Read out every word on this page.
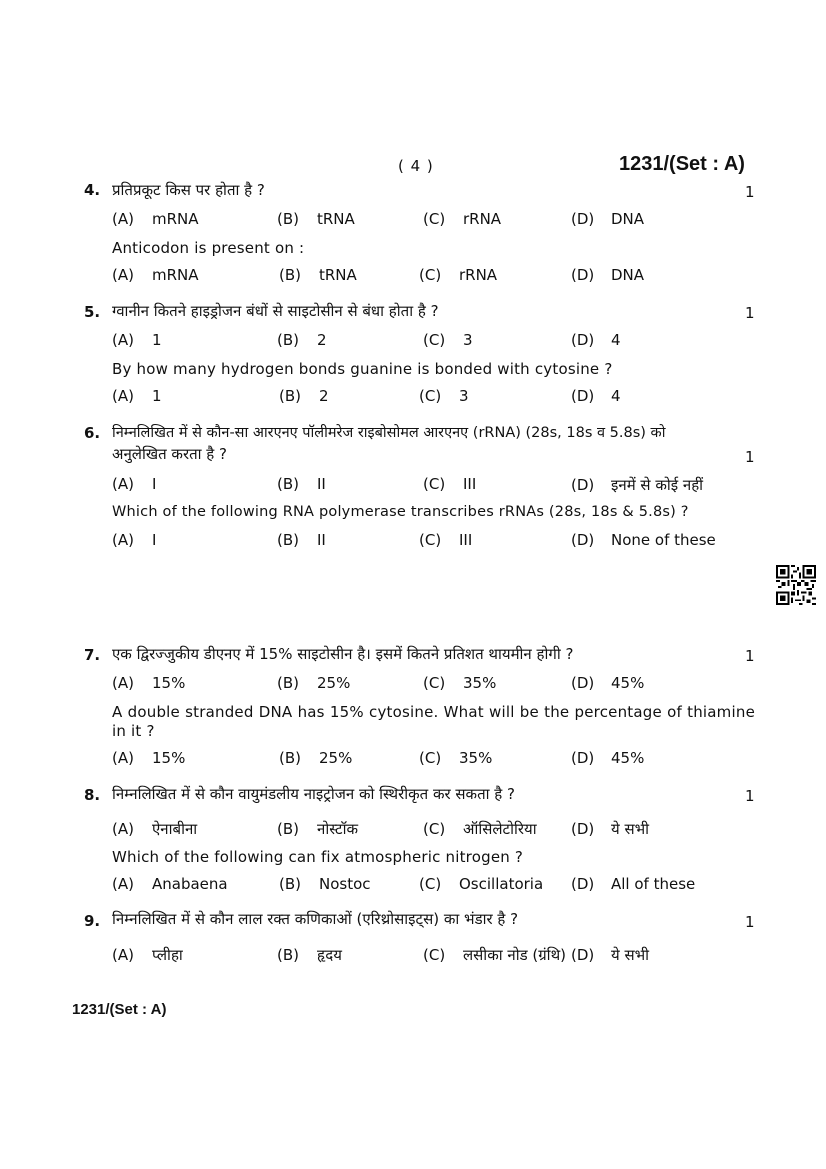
( 4 )	1231/(Set : A)
4. प्रतिप्रकूट किस पर होता है ?	1
(A) mRNA	(B) tRNA	(C) rRNA	(D) DNA
Anticodon is present on :
(A) mRNA	(B) tRNA	(C) rRNA	(D) DNA
5. ग्वानीन कितने हाइड्रोजन बंधों से साइटोसीन से बंधा होता है ?	1
(A) 1	(B) 2	(C) 3	(D) 4
By how many hydrogen bonds guanine is bonded with cytosine ?
(A) 1	(B) 2	(C) 3	(D) 4
6. निम्नलिखित में से कौन-सा आरएनए पॉलीमरेज राइबोसोमल आरएनए (rRNA) (28s, 18s व 5.8s) को
अनुलेखित करता है ?	1
(A) I	(B) II	(C) III	(D) इनमें से कोई नहीं
Which of the following RNA polymerase transcribes rRNAs (28s, 18s & 5.8s) ?
(A) I	(B) II	(C) III	(D) None of these
7. एक द्विरज्जुकीय डीएनए में 15% साइटोसीन है। इसमें कितने प्रतिशत थायमीन होगी ?	1
(A) 15%	(B) 25%	(C) 35%	(D) 45%
A double stranded DNA has 15% cytosine. What will be the percentage of thiamine in it ?
(A) 15%	(B) 25%	(C) 35%	(D) 45%
8. निम्नलिखित में से कौन वायुमंडलीय नाइट्रोजन को स्थिरीकृत कर सकता है ?	1
(A) ऐनाबीना	(B) नोस्टॉक	(C) ऑसिलेटोरिया (D) ये सभी
Which of the following can fix atmospheric nitrogen ?
(A) Anabaena	(B) Nostoc	(C) Oscillatoria (D) All of these
9. निम्नलिखित में से कौन लाल रक्त कणिकाओं (एरिथ्रोसाइट्स) का भंडार है ?	1
(A) प्लीहा	(B) हृदय	(C) लसीका नोड (ग्रंथि) (D) ये सभी
1231/(Set : A)
